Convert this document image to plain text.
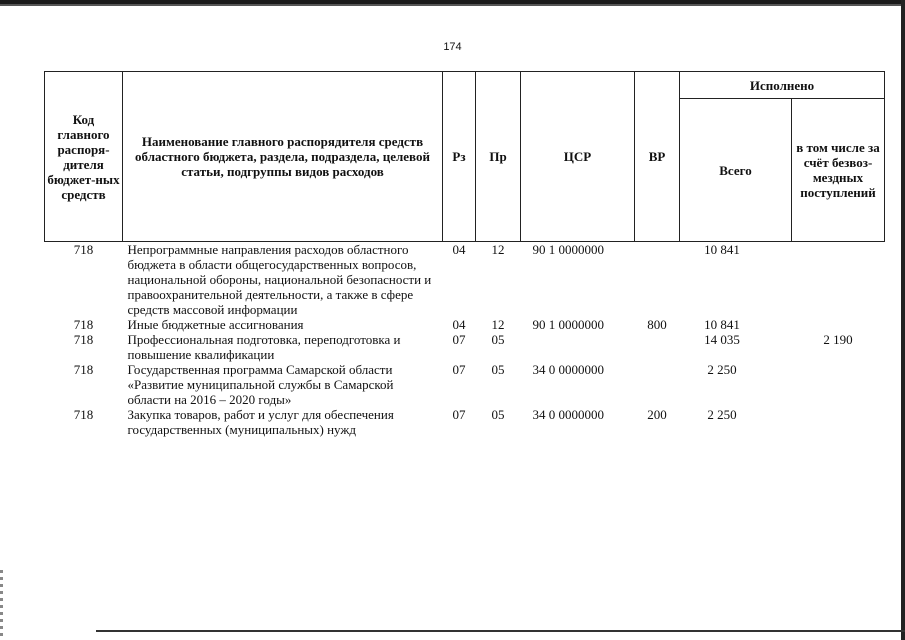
174
Код главного распоря-дителя бюджет-ных средств	Наименование главного распорядителя средств областного бюджета, раздела, подраздела, целевой статьи, подгруппы видов расходов	Рз	Пр	ЦСР	ВР	Исполнено	
						Всего	в том числе за счёт безвоз-мездных поступлений
718	Непрограммные направления расходов областного бюджета в области общегосударственных вопросов, национальной обороны, национальной безопасности и правоохранительной деятельности, а также в сфере средств массовой информации	04	12	90 1 0000000		10 841	
718	Иные бюджетные ассигнования	04	12	90 1 0000000	800	10 841	
718	Профессиональная подготовка, переподготовка и повышение квалификации	07	05			14 035	2 190
718	Государственная программа Самарской области «Развитие муниципальной службы в Самарской области на 2016 – 2020 годы»	07	05	34 0 0000000		2 250	
718	Закупка товаров, работ и услуг для обеспечения государственных (муниципальных) нужд	07	05	34 0 0000000	200	2 250	
